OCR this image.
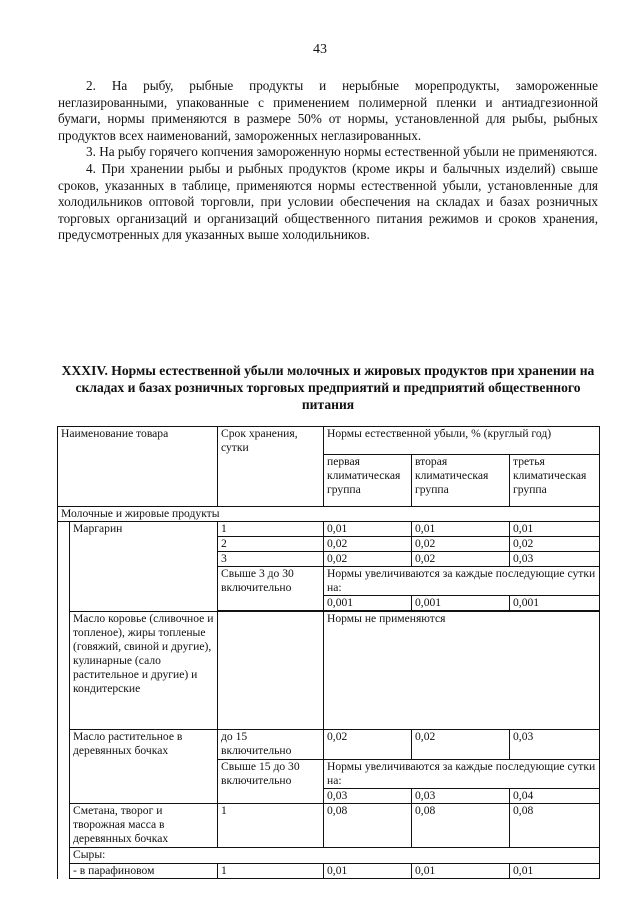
43

2. На рыбу, рыбные продукты и нерыбные морепродукты, замороженные неглазированными, упакованные с применением полимерной пленки и антиадгезионной бумаги, нормы применяются в размере 50% от нормы, установленной для рыбы, рыбных продуктов всех наименований, замороженных неглазированных.

3. На рыбу горячего копчения замороженную нормы естественной убыли не применяются.

4. При хранении рыбы и рыбных продуктов (кроме икры и балычных изделий) свыше сроков, указанных в таблице, применяются нормы естественной убыли, установленные для холодильников оптовой торговли, при условии обеспечения на складах и базах розничных торговых организаций и организаций общественного питания режимов и сроков хранения, предусмотренных для указанных выше холодильников.

XXXIV. Нормы естественной убыли молочных и жировых продуктов при хранении на складах и базах розничных торговых предприятий и предприятий общественного питания
Наименование товара		Срок хранения, сутки	Нормы естественной убыли, % (круглый год)		
			первая климатическая группа	вторая климатическая группа	третья климатическая группа
Молочные и жировые продукты					
	Маргарин	1	0,01	0,01	0,01
		2	0,02	0,02	0,02
		3	0,02	0,02	0,03
		Свыше 3 до 30 включительно	Нормы увеличиваются за каждые последующие сутки на:		
			0,001	0,001	0,001

	Масло коровье (сливочное и топленое), жиры топленые (говяжий, свиной и другие), кулинарные (сало растительное и другие) и кондитерские		Нормы не применяются		
	Масло растительное в деревянных бочках	до 15 включительно	0,02	0,02	0,03
		Свыше 15 до 30 включительно	Нормы увеличиваются за каждые последующие сутки на:		
			0,03	0,03	0,04
	Сметана, творог и творожная масса в деревянных бочках	1	0,08	0,08	0,08
	Сыры:				
	- в парафиновом	1	0,01	0,01	0,01
